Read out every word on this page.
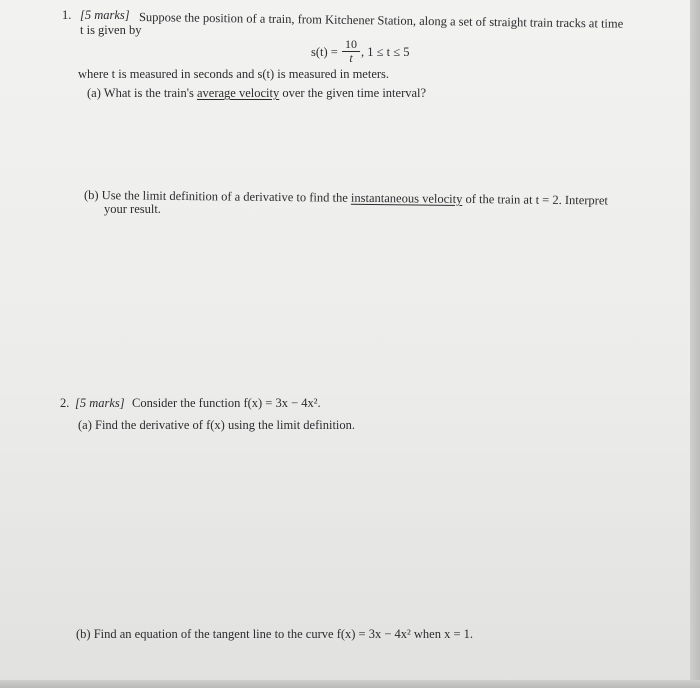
1. [5 marks] Suppose the position of a train, from Kitchener Station, along a set of straight train tracks at time
t is given by
$s(t) = \frac{10}{t}$ , 1 ≤ t ≤ 5
where t is measured in seconds and s(t) is measured in meters.
(a) What is the train's average velocity over the given time interval?
(b) Use the limit definition of a derivative to find the instantaneous velocity of the train at t = 2. Interpret
your result.
2. [5 marks] Consider the function f(x) = 3x − 4x².
(a) Find the derivative of f(x) using the limit definition.
(b) Find an equation of the tangent line to the curve f(x) = 3x − 4x² when x = 1.
